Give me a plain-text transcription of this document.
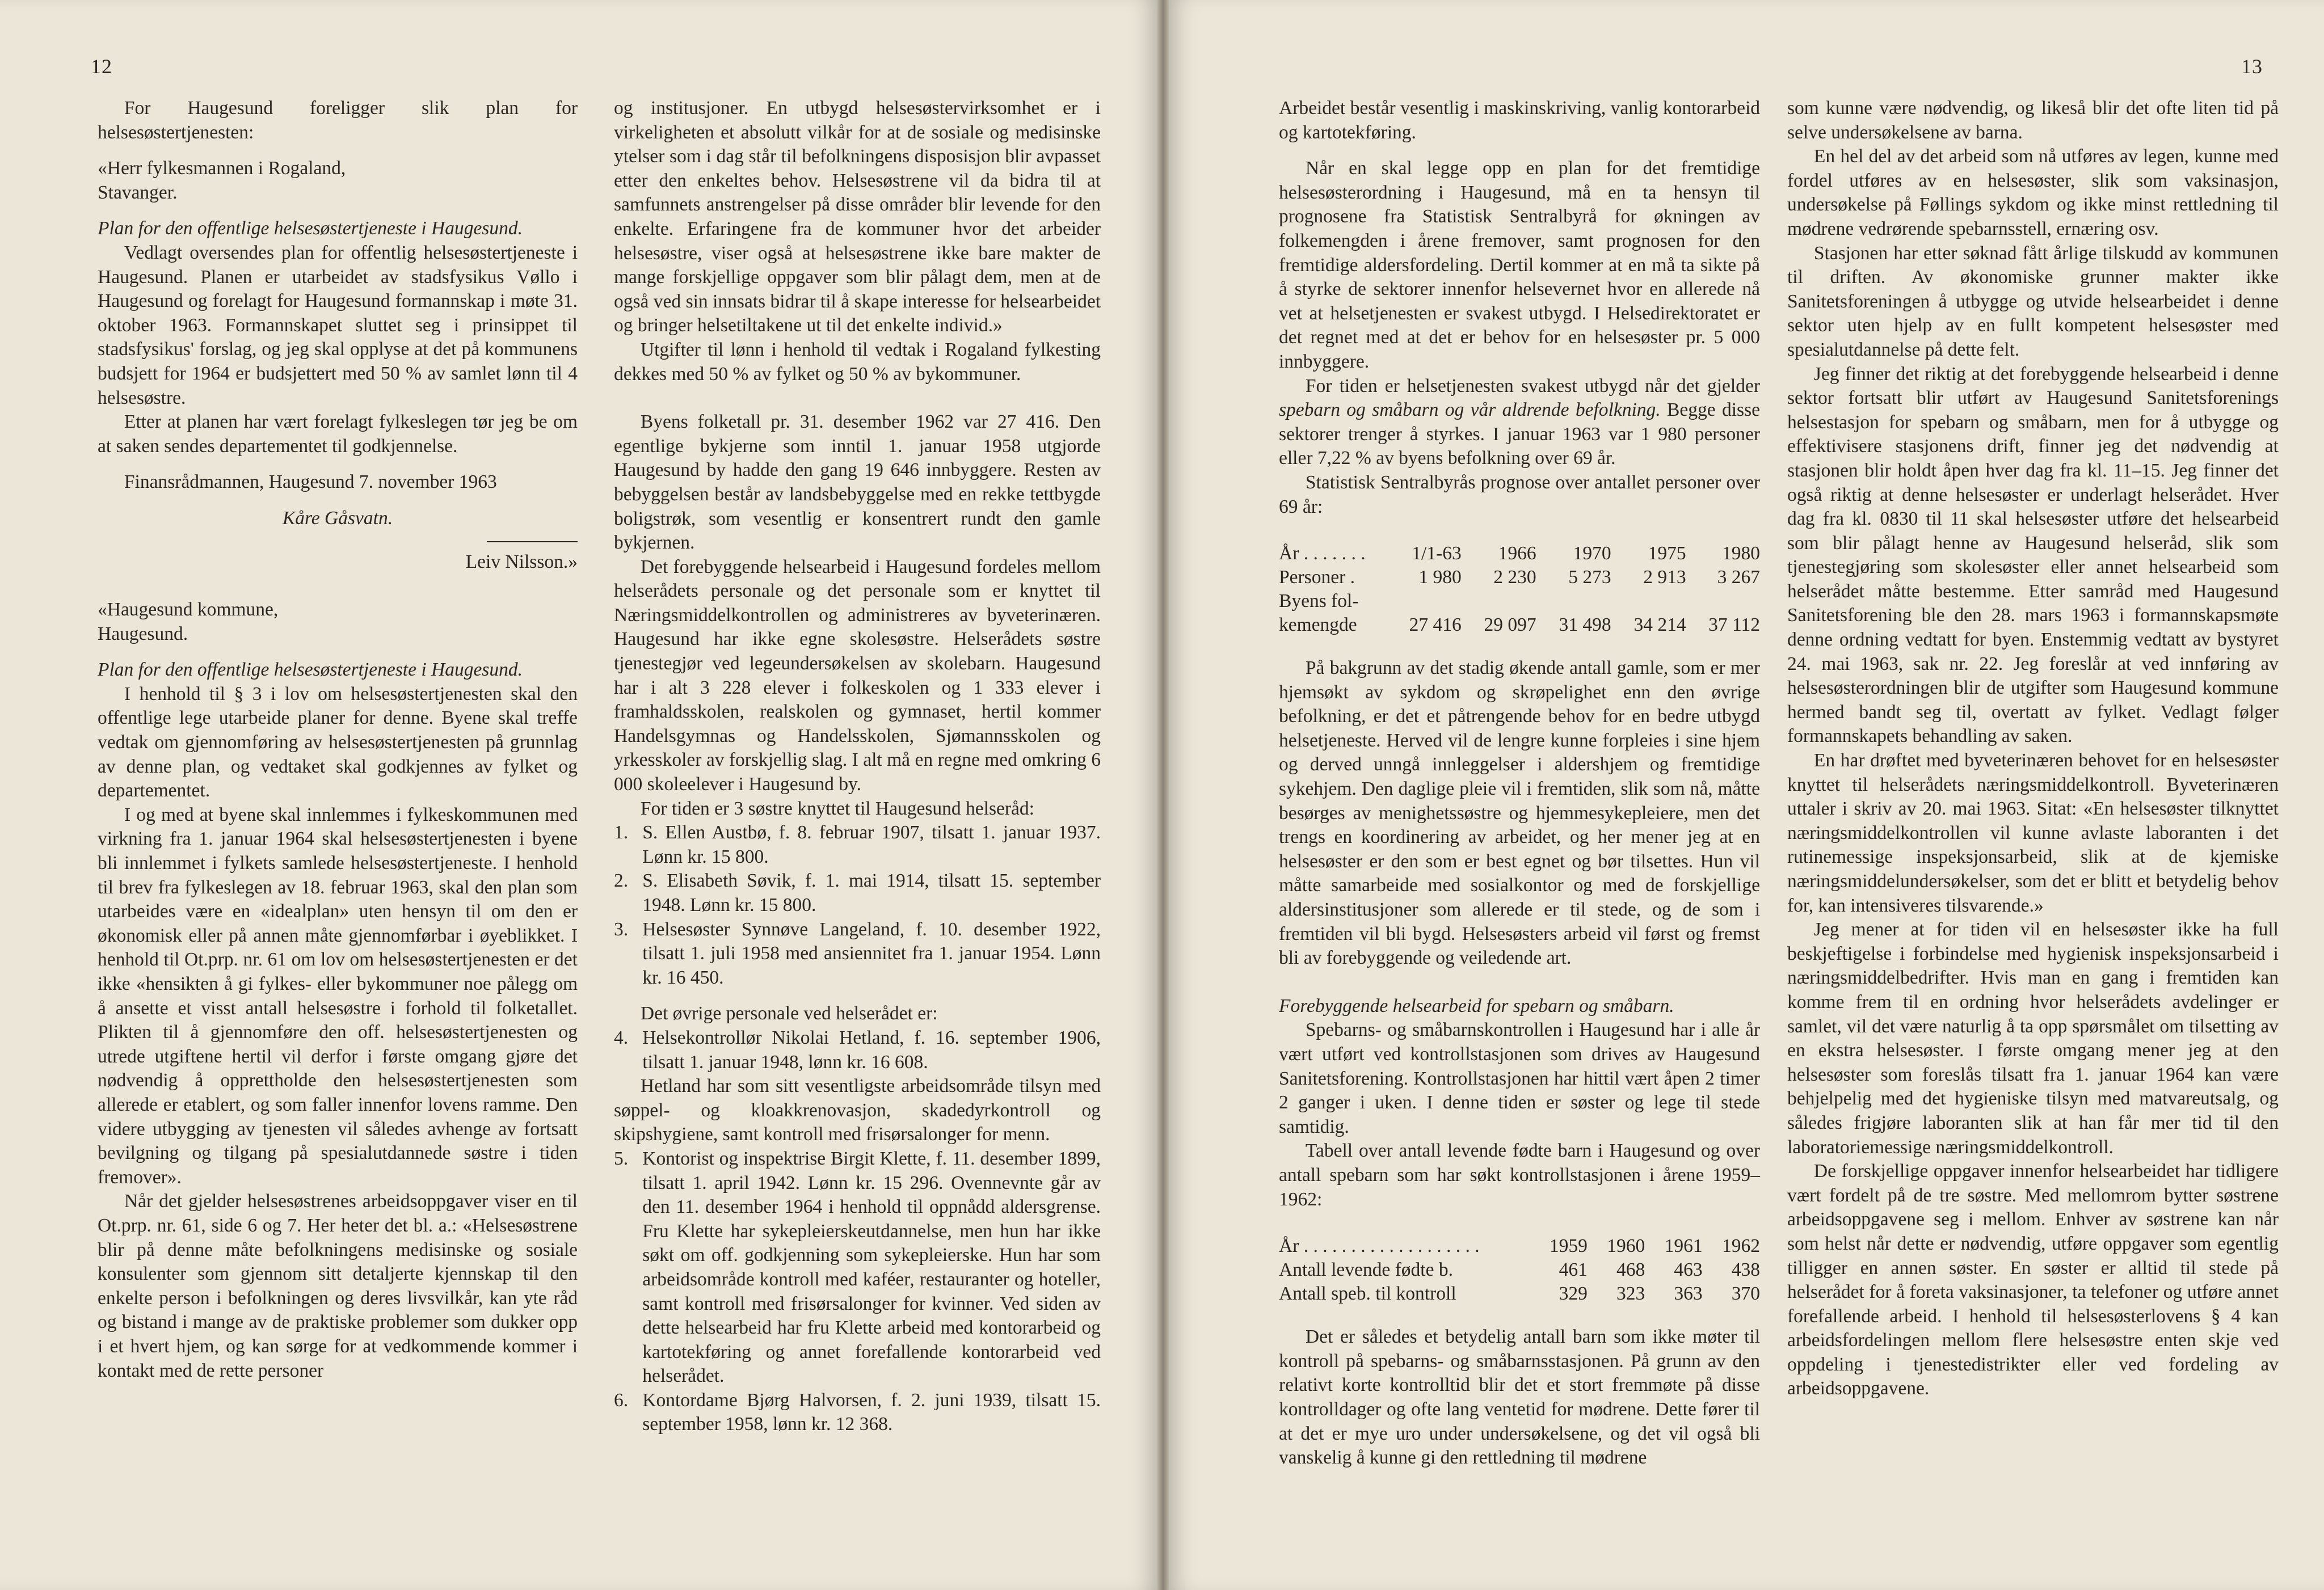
12

For Haugesund foreligger slik plan for helsesøstertjenesten:

«Herr fylkesmannen i Rogaland,

Stavanger.

Plan for den offentlige helsesøstertjeneste i Haugesund.

Vedlagt oversendes plan for offentlig helsesøstertjeneste i Haugesund. Planen er utarbeidet av stadsfysikus Vøllo i Haugesund og forelagt for Haugesund formannskap i møte 31. oktober 1963. Formannskapet sluttet seg i prinsippet til stadsfysikus' forslag, og jeg skal opplyse at det på kommunens budsjett for 1964 er budsjettert med 50 % av samlet lønn til 4 helsesøstre.

Etter at planen har vært forelagt fylkeslegen tør jeg be om at saken sendes departementet til godkjennelse.

Finansrådmannen, Haugesund 7. november 1963

Kåre Gåsvatn.

Leiv Nilsson.»

«Haugesund kommune,

Haugesund.

Plan for den offentlige helsesøstertjeneste i Haugesund.

I henhold til § 3 i lov om helsesøstertjenesten skal den offentlige lege utarbeide planer for denne. Byene skal treffe vedtak om gjennomføring av helsesøstertjenesten på grunnlag av denne plan, og vedtaket skal godkjennes av fylket og departementet.

I og med at byene skal innlemmes i fylkeskommunen med virkning fra 1. januar 1964 skal helsesøstertjenesten i byene bli innlemmet i fylkets samlede helsesøstertjeneste. I henhold til brev fra fylkeslegen av 18. februar 1963, skal den plan som utarbeides være en «idealplan» uten hensyn til om den er økonomisk eller på annen måte gjennomførbar i øyeblikket. I henhold til Ot.prp. nr. 61 om lov om helsesøstertjenesten er det ikke «hensikten å gi fylkes- eller bykommuner noe pålegg om å ansette et visst antall helsesøstre i forhold til folketallet. Plikten til å gjennomføre den off. helsesøstertjenesten og utrede utgiftene hertil vil derfor i første omgang gjøre det nødvendig å opprettholde den helsesøstertjenesten som allerede er etablert, og som faller innenfor lovens ramme. Den videre utbygging av tjenesten vil således avhenge av fortsatt bevilgning og tilgang på spesialutdannede søstre i tiden fremover».

Når det gjelder helsesøstrenes arbeidsoppgaver viser en til Ot.prp. nr. 61, side 6 og 7. Her heter det bl. a.: «Helsesøstrene blir på denne måte befolkningens medisinske og sosiale konsulenter som gjennom sitt detaljerte kjennskap til den enkelte person i befolkningen og deres livsvilkår, kan yte råd og bistand i mange av de praktiske problemer som dukker opp i et hvert hjem, og kan sørge for at vedkommende kommer i kontakt med de rette personer

og institusjoner. En utbygd helsesøstervirksomhet er i virkeligheten et absolutt vilkår for at de sosiale og medisinske ytelser som i dag står til befolkningens disposisjon blir avpasset etter den enkeltes behov. Helsesøstrene vil da bidra til at samfunnets anstrengelser på disse områder blir levende for den enkelte. Erfaringene fra de kommuner hvor det arbeider helsesøstre, viser også at helsesøstrene ikke bare makter de mange forskjellige oppgaver som blir pålagt dem, men at de også ved sin innsats bidrar til å skape interesse for helsearbeidet og bringer helsetiltakene ut til det enkelte individ.»

Utgifter til lønn i henhold til vedtak i Rogaland fylkesting dekkes med 50 % av fylket og 50 % av bykommuner.

Byens folketall pr. 31. desember 1962 var 27 416. Den egentlige bykjerne som inntil 1. januar 1958 utgjorde Haugesund by hadde den gang 19 646 innbyggere. Resten av bebyggelsen består av landsbebyggelse med en rekke tettbygde boligstrøk, som vesentlig er konsentrert rundt den gamle bykjernen.

Det forebyggende helsearbeid i Haugesund fordeles mellom helserådets personale og det personale som er knyttet til Næringsmiddelkontrollen og administreres av byveterinæren. Haugesund har ikke egne skolesøstre. Helserådets søstre tjenestegjør ved legeundersøkelsen av skolebarn. Haugesund har i alt 3 228 elever i folkeskolen og 1 333 elever i framhaldsskolen, realskolen og gymnaset, hertil kommer Handelsgymnas og Handelsskolen, Sjømannsskolen og yrkesskoler av forskjellig slag. I alt må en regne med omkring 6 000 skoleelever i Haugesund by.

For tiden er 3 søstre knyttet til Haugesund helseråd:

1. S. Ellen Austbø, f. 8. februar 1907, tilsatt 1. januar 1937. Lønn kr. 15 800.
2. S. Elisabeth Søvik, f. 1. mai 1914, tilsatt 15. september 1948. Lønn kr. 15 800.
3. Helsesøster Synnøve Langeland, f. 10. desember 1922, tilsatt 1. juli 1958 med ansiennitet fra 1. januar 1954. Lønn kr. 16 450.

Det øvrige personale ved helserådet er:

4. Helsekontrollør Nikolai Hetland, f. 16. september 1906, tilsatt 1. januar 1948, lønn kr. 16 608.

Hetland har som sitt vesentligste arbeidsområde tilsyn med søppel- og kloakkrenovasjon, skadedyrkontroll og skipshygiene, samt kontroll med frisørsalonger for menn.

5. Kontorist og inspektrise Birgit Klette, f. 11. desember 1899, tilsatt 1. april 1942. Lønn kr. 15 296. Ovennevnte går av den 11. desember 1964 i henhold til oppnådd aldersgrense. Fru Klette har sykepleierskeutdannelse, men hun har ikke søkt om off. godkjenning som sykepleierske. Hun har som arbeidsområde kontroll med kaféer, restauranter og hoteller, samt kontroll med frisørsalonger for kvinner. Ved siden av dette helsearbeid har fru Klette arbeid med kontorarbeid og kartotekføring og annet forefallende kontorarbeid ved helserådet.
6. Kontordame Bjørg Halvorsen, f. 2. juni 1939, tilsatt 15. september 1958, lønn kr. 12 368.
13

Arbeidet består vesentlig i maskinskriving, vanlig kontorarbeid og kartotekføring.

Når en skal legge opp en plan for det fremtidige helsesøsterordning i Haugesund, må en ta hensyn til prognosene fra Statistisk Sentralbyrå for økningen av folkemengden i årene fremover, samt prognosen for den fremtidige aldersfordeling. Dertil kommer at en må ta sikte på å styrke de sektorer innenfor helsevernet hvor en allerede nå vet at helsetjenesten er svakest utbygd. I Helsedirektoratet er det regnet med at det er behov for en helsesøster pr. 5 000 innbyggere.

For tiden er helsetjenesten svakest utbygd når det gjelder spebarn og småbarn og vår aldrende befolkning. Begge disse sektorer trenger å styrkes. I januar 1963 var 1 980 personer eller 7,22 % av byens befolkning over 69 år.

Statistisk Sentralbyrås prognose over antallet personer over 69 år:

År . . . . . . .	1/1-63	1966	1970	1975	1980
Personer .	1 980	2 230	5 273	2 913	3 267
Byens fol-					
kemengde	27 416	29 097	31 498	34 214	37 112

På bakgrunn av det stadig økende antall gamle, som er mer hjemsøkt av sykdom og skrøpelighet enn den øvrige befolkning, er det et påtrengende behov for en bedre utbygd helsetjeneste. Herved vil de lengre kunne forpleies i sine hjem og derved unngå innleggelser i aldershjem og fremtidige sykehjem. Den daglige pleie vil i fremtiden, slik som nå, måtte besørges av menighetssøstre og hjemmesykepleiere, men det trengs en koordinering av arbeidet, og her mener jeg at en helsesøster er den som er best egnet og bør tilsettes. Hun vil måtte samarbeide med sosialkontor og med de forskjellige aldersinstitusjoner som allerede er til stede, og de som i fremtiden vil bli bygd. Helsesøsters arbeid vil først og fremst bli av forebyggende og veiledende art.

Forebyggende helsearbeid for spebarn og småbarn.

Spebarns- og småbarnskontrollen i Haugesund har i alle år vært utført ved kontrollstasjonen som drives av Haugesund Sanitetsforening. Kontrollstasjonen har hittil vært åpen 2 timer 2 ganger i uken. I denne tiden er søster og lege til stede samtidig.

Tabell over antall levende fødte barn i Haugesund og over antall spebarn som har søkt kontrollstasjonen i årene 1959–1962:

År . . . . . . . . . . . . . . . . . . .	1959	1960	1961	1962
Antall levende fødte b.	461	468	463	438
Antall speb. til kontroll	329	323	363	370

Det er således et betydelig antall barn som ikke møter til kontroll på spebarns- og småbarnsstasjonen. På grunn av den relativt korte kontrolltid blir det et stort fremmøte på disse kontrolldager og ofte lang ventetid for mødrene. Dette fører til at det er mye uro under undersøkelsene, og det vil også bli vanskelig å kunne gi den rettledning til mødrene

som kunne være nødvendig, og likeså blir det ofte liten tid på selve undersøkelsene av barna.

En hel del av det arbeid som nå utføres av legen, kunne med fordel utføres av en helsesøster, slik som vaksinasjon, undersøkelse på Føllings sykdom og ikke minst rettledning til mødrene vedrørende spebarnsstell, ernæring osv.

Stasjonen har etter søknad fått årlige tilskudd av kommunen til driften. Av økonomiske grunner makter ikke Sanitetsforeningen å utbygge og utvide helsearbeidet i denne sektor uten hjelp av en fullt kompetent helsesøster med spesialutdannelse på dette felt.

Jeg finner det riktig at det forebyggende helsearbeid i denne sektor fortsatt blir utført av Haugesund Sanitetsforenings helsestasjon for spebarn og småbarn, men for å utbygge og effektivisere stasjonens drift, finner jeg det nødvendig at stasjonen blir holdt åpen hver dag fra kl. 11–15. Jeg finner det også riktig at denne helsesøster er underlagt helserådet. Hver dag fra kl. 0830 til 11 skal helsesøster utføre det helsearbeid som blir pålagt henne av Haugesund helseråd, slik som tjenestegjøring som skolesøster eller annet helsearbeid som helserådet måtte bestemme. Etter samråd med Haugesund Sanitetsforening ble den 28. mars 1963 i formannskapsmøte denne ordning vedtatt for byen. Enstemmig vedtatt av bystyret 24. mai 1963, sak nr. 22. Jeg foreslår at ved innføring av helsesøsterordningen blir de utgifter som Haugesund kommune hermed bandt seg til, overtatt av fylket. Vedlagt følger formannskapets behandling av saken.

En har drøftet med byveterinæren behovet for en helsesøster knyttet til helserådets næringsmiddelkontroll. Byveterinæren uttaler i skriv av 20. mai 1963. Sitat: «En helsesøster tilknyttet næringsmiddelkontrollen vil kunne avlaste laboranten i det rutinemessige inspeksjonsarbeid, slik at de kjemiske næringsmiddelundersøkelser, som det er blitt et betydelig behov for, kan intensiveres tilsvarende.»

Jeg mener at for tiden vil en helsesøster ikke ha full beskjeftigelse i forbindelse med hygienisk inspeksjonsarbeid i næringsmiddelbedrifter. Hvis man en gang i fremtiden kan komme frem til en ordning hvor helserådets avdelinger er samlet, vil det være naturlig å ta opp spørsmålet om tilsetting av en ekstra helsesøster. I første omgang mener jeg at den helsesøster som foreslås tilsatt fra 1. januar 1964 kan være behjelpelig med det hygieniske tilsyn med matvareutsalg, og således frigjøre laboranten slik at han får mer tid til den laboratoriemessige næringsmiddelkontroll.

De forskjellige oppgaver innenfor helsearbeidet har tidligere vært fordelt på de tre søstre. Med mellomrom bytter søstrene arbeidsoppgavene seg i mellom. Enhver av søstrene kan når som helst når dette er nødvendig, utføre oppgaver som egentlig tilligger en annen søster. En søster er alltid til stede på helserådet for å foreta vaksinasjoner, ta telefoner og utføre annet forefallende arbeid. I henhold til helsesøsterlovens § 4 kan arbeidsfordelingen mellom flere helsesøstre enten skje ved oppdeling i tjenestedistrikter eller ved fordeling av arbeidsoppgavene.
